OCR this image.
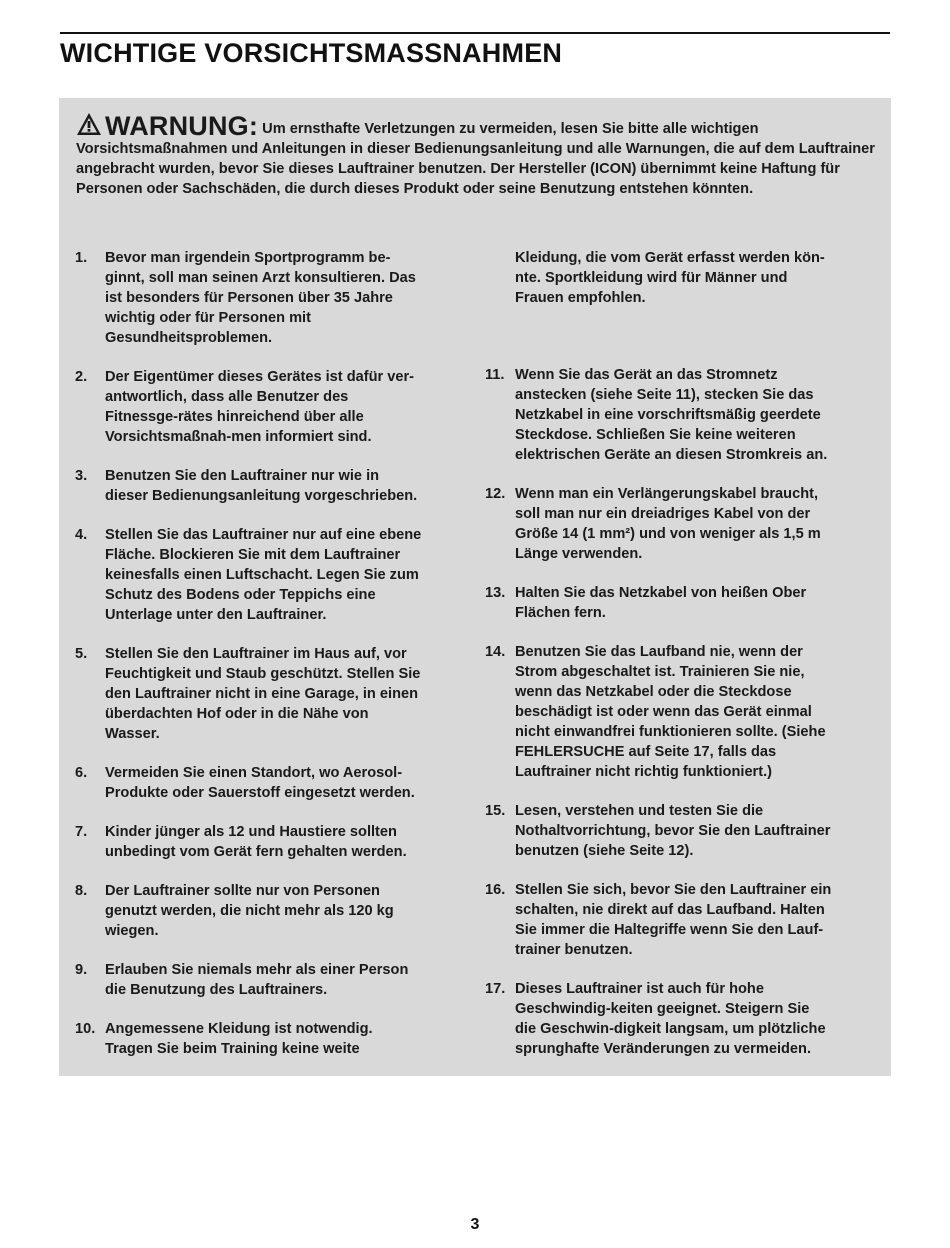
WICHTIGE VORSICHTSMASSNAHMEN
WARNUNG: Um ernsthafte Verletzungen zu vermeiden, lesen Sie bitte alle wichtigen Vorsichtsmaßnahmen und Anleitungen in dieser Bedienungsanleitung und alle Warnungen, die auf dem Lauftrainer angebracht wurden, bevor Sie dieses Lauftrainer benutzen. Der Hersteller (ICON) übernimmt keine Haftung für Personen oder Sachschäden, die durch dieses Produkt oder seine Benutzung entstehen könnten.
1.	Bevor man irgendein Sportprogramm be-
ginnt, soll man seinen Arzt konsultieren. Das
ist besonders für Personen über 35 Jahre
wichtig oder für Personen mit
Gesundheitsproblemen.
2.	Der Eigentümer dieses Gerätes ist dafür ver-
antwortlich, dass alle Benutzer des
Fitnessge-rätes hinreichend über alle
Vorsichtsmaßnah-men informiert sind.
3.	Benutzen Sie den Lauftrainer nur wie in
dieser Bedienungsanleitung vorgeschrieben.
4.	Stellen Sie das Lauftrainer nur auf eine ebene
Fläche. Blockieren Sie mit dem Lauftrainer
keinesfalls einen Luftschacht. Legen Sie zum
Schutz des Bodens oder Teppichs eine
Unterlage unter den Lauftrainer.
5.	Stellen Sie den Lauftrainer im Haus auf, vor
Feuchtigkeit und Staub geschützt. Stellen Sie
den Lauftrainer nicht in eine Garage, in einen
überdachten Hof oder in die Nähe von
Wasser.
6.	Vermeiden Sie einen Standort, wo Aerosol-
Produkte oder Sauerstoff eingesetzt werden.
7.	Kinder jünger als 12 und Haustiere sollten
unbedingt vom Gerät fern gehalten werden.
8.	Der Lauftrainer sollte nur von Personen
genutzt werden, die nicht mehr als 120 kg
wiegen.
9.	Erlauben Sie niemals mehr als einer Person
die Benutzung des Lauftrainers.
10. Angemessene Kleidung ist notwendig.
Tragen Sie beim Training keine weite
Kleidung, die vom Gerät erfasst werden kön-
nte. Sportkleidung wird für Männer und
Frauen empfohlen.
11. Wenn Sie das Gerät an das Stromnetz
anstecken (siehe Seite 11), stecken Sie das
Netzkabel in eine vorschriftsmäßig geerdete
Steckdose. Schließen Sie keine weiteren
elektrischen Geräte an diesen Stromkreis an.
12. Wenn man ein Verlängerungskabel braucht,
soll man nur ein dreiadriges Kabel von der
Größe 14 (1 mm²) und von weniger als 1,5 m
Länge verwenden.
13. Halten Sie das Netzkabel von heißen Ober
Flächen fern.
14. Benutzen Sie das Laufband nie, wenn der
Strom abgeschaltet ist. Trainieren Sie nie,
wenn das Netzkabel oder die Steckdose
beschädigt ist oder wenn das Gerät einmal
nicht einwandfrei funktionieren sollte. (Siehe
FEHLERSUCHE auf Seite 17, falls das
Lauftrainer nicht richtig funktioniert.)
15. Lesen, verstehen und testen Sie die
Nothaltvorrichtung, bevor Sie den Lauftrainer
benutzen (siehe Seite 12).
16. Stellen Sie sich, bevor Sie den Lauftrainer ein
schalten, nie direkt auf das Laufband. Halten
Sie immer die Haltegriffe wenn Sie den Lauf-
trainer benutzen.
17. Dieses Lauftrainer ist auch für hohe
Geschwindig-keiten geeignet. Steigern Sie
die Geschwin-digkeit langsam, um plötzliche
sprunghafte Veränderungen zu vermeiden.
3
